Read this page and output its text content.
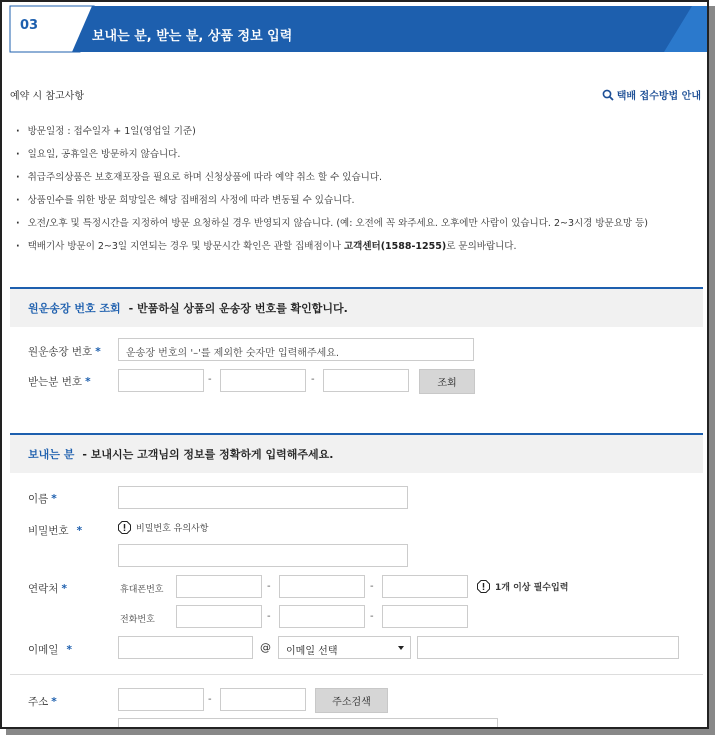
03
보내는 분, 받는 분, 상품 정보 입력
예약 시 참고사항	택배 접수방법 안내
· 방문일정 : 접수일자 + 1일(영업일 기준)
· 일요일, 공휴일은 방문하지 않습니다.
· 취급주의상품은 보호재포장을 필요로 하며 신청상품에 따라 예약 취소 할 수 있습니다.
· 상품인수를 위한 방문 희망일은 해당 집배점의 사정에 따라 변동될 수 있습니다.
· 오전/오후 및 특정시간을 지정하여 방문 요청하실 경우 반영되지 않습니다. (예: 오전에 꼭 와주세요. 오후에만 사람이 있습니다. 2~3시경 방문요망 등)
· 택배기사 방문이 2~3일 지연되는 경우 및 방문시간 확인은 관할 집배점이나 고객센터(1588-1255)로 문의바랍니다.
원운송장 번호 조회 - 반품하실 상품의 운송장 번호를 확인합니다.
원운송장 번호 *	운송장 번호의 '–'를 제외한 숫자만 입력해주세요.
받는분 번호 *	-	-	조회
보내는 분 - 보내시는 고객님의 정보를 정확하게 입력해주세요.
이름 *
비밀번호 *	비밀번호 유의사항
연락처 *	휴대폰번호	-	-	1개 이상 필수입력
전화번호	-	-
이메일 *	@	이메일 선택
주소 *	-	주소검색
